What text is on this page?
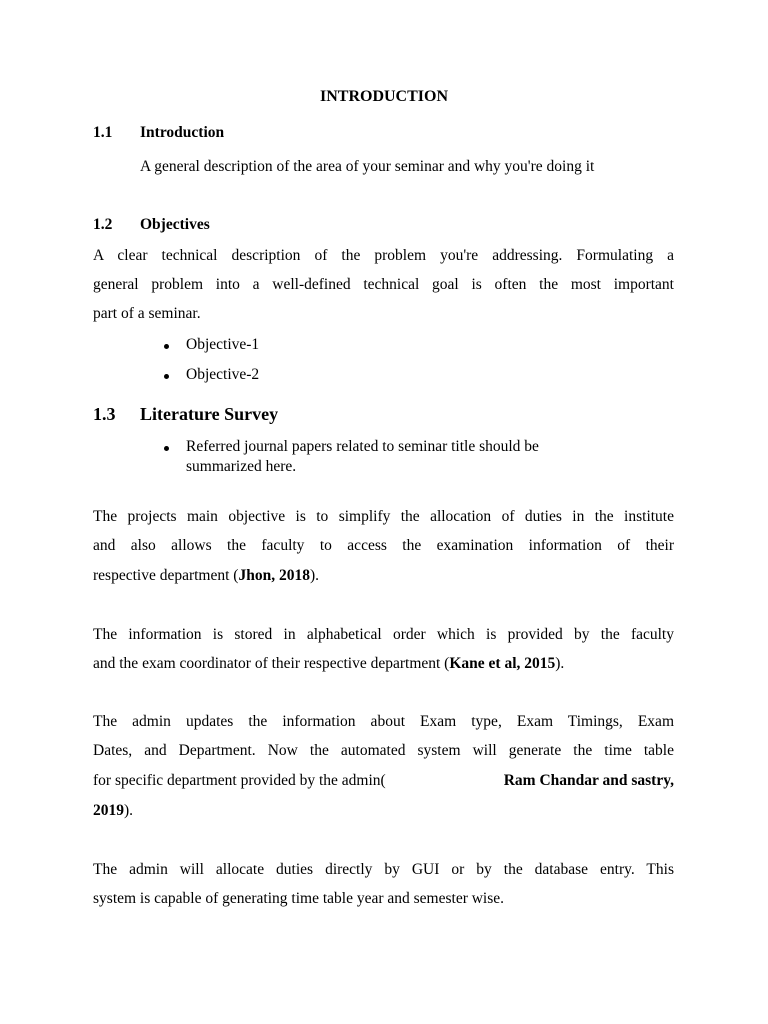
INTRODUCTION
1.1 Introduction
A general description of the area of your seminar and why you're doing it
1.2 Objectives
A clear technical description of the problem you're addressing. Formulating a
general problem into a well-defined technical goal is often the most important
part of a seminar.
Objective-1
Objective-2
1.3 Literature Survey
Referred journal papers related to seminar title should be
summarized here.
The projects main objective is to simplify the allocation of duties in the institute
and also allows the faculty to access the examination information of their
respective department (Jhon, 2018).
The information is stored in alphabetical order which is provided by the faculty
and the exam coordinator of their respective department (Kane et al, 2015).
The admin updates the information about Exam type, Exam Timings, Exam
Dates, and Department. Now the automated system will generate the time table
for specific department provided by the admin(	Ram Chandar and sastry,
2019).
The admin will allocate duties directly by GUI or by the database entry. This
system is capable of generating time table year and semester wise.
